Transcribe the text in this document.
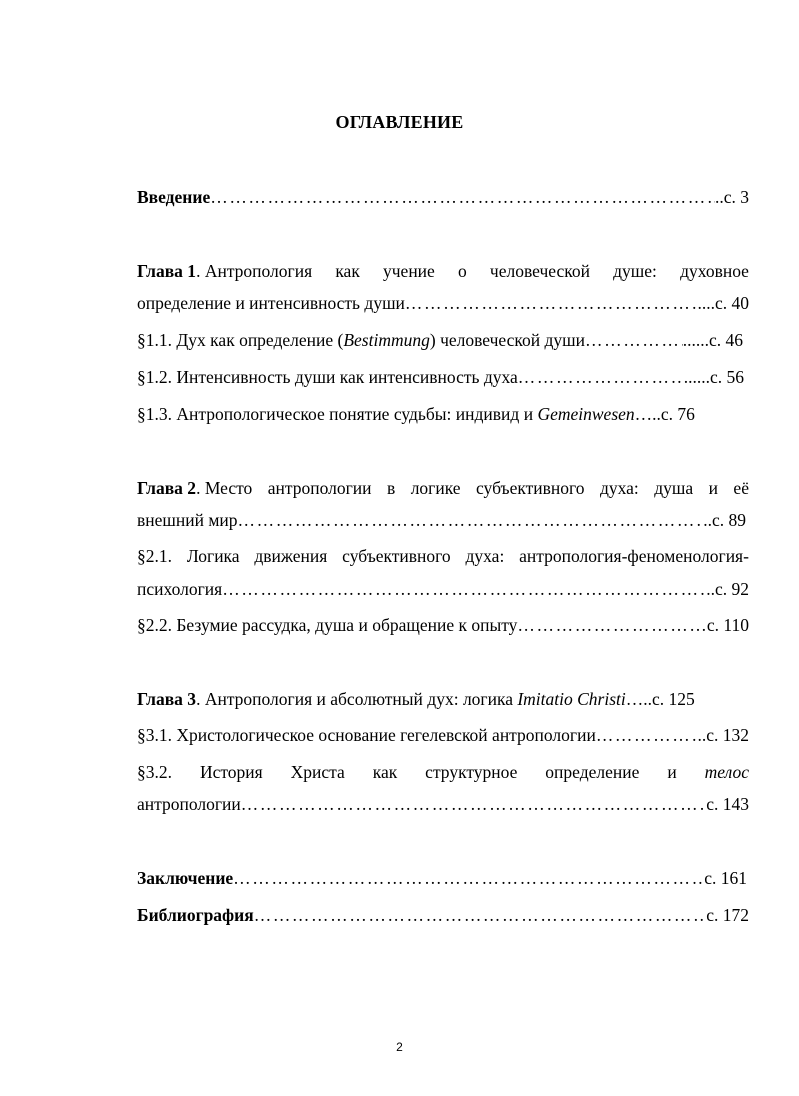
ОГЛАВЛЕНИЕ
Введение ……………………………………………………………………………………………………………………………………………………………………………	..с. 3
Глава 1. Антропология как учение о человеческой душе: духовное
определение и интенсивность души ……………………………………………………………………………………………………………………………………………………………………………	....с. 40
§1.1. Дух как определение (Bestimmung) человеческой души ……………………………………………………………………………………………………………………………………………………………………………	......с. 46
§1.2. Интенсивность души как интенсивность духа ……………………………………………………………………………………………………………………………………………………………………………	......с. 56
§1.3. Антропологическое понятие судьбы: индивид и Gemeinwesen …..с. 76
Глава 2. Место антропологии в логике субъективного духа: душа и её
внешний мир ……………………………………………………………………………………………………………………………………………………………………………	..с. 89
§2.1. Логика движения субъективного духа: антропология-феноменология-
психология ……………………………………………………………………………………………………………………………………………………………………………	..с. 92
§2.2. Безумие рассудка, душа и обращение к опыту ……………………………………………………………………………………………………………………………………………………………………………	с. 110
Глава 3. Антропология и абсолютный дух: логика Imitatio Christi …..с. 125
§3.1. Христологическое основание гегелевской антропологии ……………………………………………………………………………………………………………………………………………………………………………	..с. 132
§3.2. История Христа как структурное определение и телос
антропологии ……………………………………………………………………………………………………………………………………………………………………………	с. 143
Заключение ……………………………………………………………………………………………………………………………………………………………………………	с. 161
Библиография ……………………………………………………………………………………………………………………………………………………………………………	с. 172
2
